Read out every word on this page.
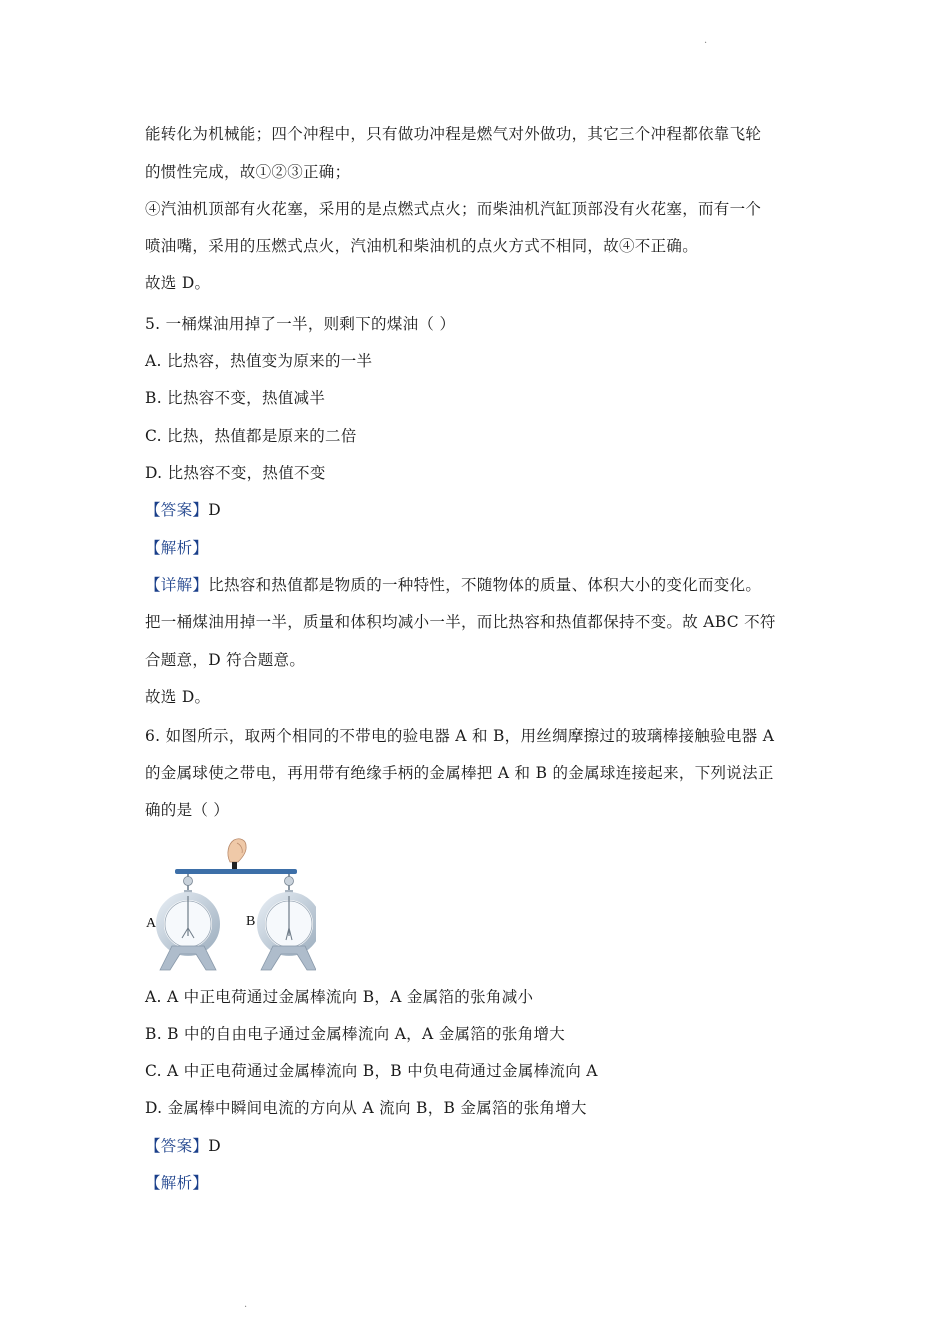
·
能转化为机械能；四个冲程中，只有做功冲程是燃气对外做功，其它三个冲程都依靠飞轮
的惯性完成，故①②③正确；
④汽油机顶部有火花塞，采用的是点燃式点火；而柴油机汽缸顶部没有火花塞，而有一个
喷油嘴，采用的压燃式点火，汽油机和柴油机的点火方式不相同，故④不正确。
故选 D。
5. 一桶煤油用掉了一半，则剩下的煤油（ ）
A. 比热容，热值变为原来的一半
B. 比热容不变，热值减半
C. 比热，热值都是原来的二倍
D. 比热容不变，热值不变
【答案】D
【解析】
【详解】比热容和热值都是物质的一种特性，不随物体的质量、体积大小的变化而变化。
把一桶煤油用掉一半，质量和体积均减小一半，而比热容和热值都保持不变。故 ABC 不符
合题意，D 符合题意。
故选 D。
6. 如图所示，取两个相同的不带电的验电器 A 和 B，用丝绸摩擦过的玻璃棒接触验电器 A
的金属球使之带电，再用带有绝缘手柄的金属棒把 A 和 B 的金属球连接起来，下列说法正
确的是（ ）
A	B
A. A 中正电荷通过金属棒流向 B，A 金属箔的张角减小
B. B 中的自由电子通过金属棒流向 A，A 金属箔的张角增大
C. A 中正电荷通过金属棒流向 B，B 中负电荷通过金属棒流向 A
D. 金属棒中瞬间电流的方向从 A 流向 B，B 金属箔的张角增大
【答案】D
【解析】
·
